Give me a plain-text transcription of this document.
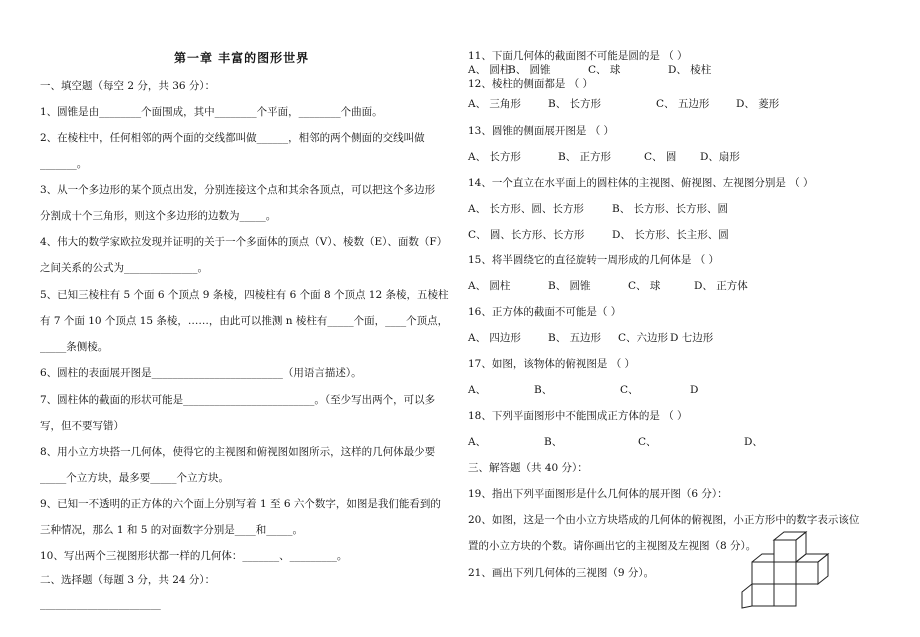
第一章 丰富的图形世界
一、填空题（每空 2 分，共 36 分）：
1、圆锥是由________个面围成，其中________个平面，________个曲面。
2、在棱柱中，任何相邻的两个面的交线都叫做______，相邻的两个侧面的交线叫做
_______。
3、从一个多边形的某个顶点出发，分别连接这个点和其余各顶点，可以把这个多边形
分割成十个三角形，则这个多边形的边数为_____。
4、伟大的数学家欧拉发现并证明的关于一个多面体的顶点（V）、棱数（E）、面数（F）
之间关系的公式为______________。
5、已知三棱柱有 5 个面 6 个顶点 9 条棱，四棱柱有 6 个面 8 个顶点 12 条棱，五棱柱
有 7 个面 10 个顶点 15 条棱，……，由此可以推测 n 棱柱有_____个面，____个顶点，
_____条侧棱。
6、圆柱的表面展开图是_________________________（用语言描述）。
7、圆柱体的截面的形状可能是_________________________。（至少写出两个，可以多
写，但不要写错）
8、用小立方块搭一几何体，使得它的主视图和俯视图如图所示，这样的几何体最少要
_____个立方块，最多要_____个立方块。
9、已知一不透明的正方体的六个面上分别写着 1 至 6 六个数字，如图是我们能看到的
三种情况，那么 1 和 5 的对面数字分别是____和_____。
10、写出两个三视图形状都一样的几何体：_______、_________。
二、选择题（每题 3 分，共 24 分）：
_______________________
11、下面几何体的截面图不可能是圆的是 （ ）
A、 圆柱
B、 圆锥	C、 球	D、 棱柱
12、棱柱的侧面都是 （ ）
A、 三角形	B、 长方形	C、 五边形	D、 菱形
13、圆锥的侧面展开图是 （ ）
A、 长方形	B、 正方形	C、 圆 D、扇形
14、一个直立在水平面上的圆柱体的主视图、俯视图、左视图分别是 （ ）
A、 长方形、圆、长方形	B、 长方形、长方形、圆
C、 圆、长方形、长方形	D、 长方形、长主形、圆
15、将半圆绕它的直径旋转一周形成的几何体是 （ ）
A、 圆柱	B、 圆锥	C、 球	D、 正方体
16、正方体的截面不可能是（ ）
A、 四边形	B、 五边形 C、六边形 D 七边形
17、如图，该物体的俯视图是 （ ）
A、	B、	C、	D
18、下列平面图形中不能围成正方体的是 （ ）
A、	B、	C、	D、
三、解答题（共 40 分）：
19、指出下列平面图形是什么几何体的展开图（6 分）：
20、如图，这是一个由小立方块塔成的几何体的俯视图，小正方形中的数字表示该位
置的小立方块的个数。请你画出它的主视图及左视图（8 分）。
21、画出下列几何体的三视图（9 分）。
